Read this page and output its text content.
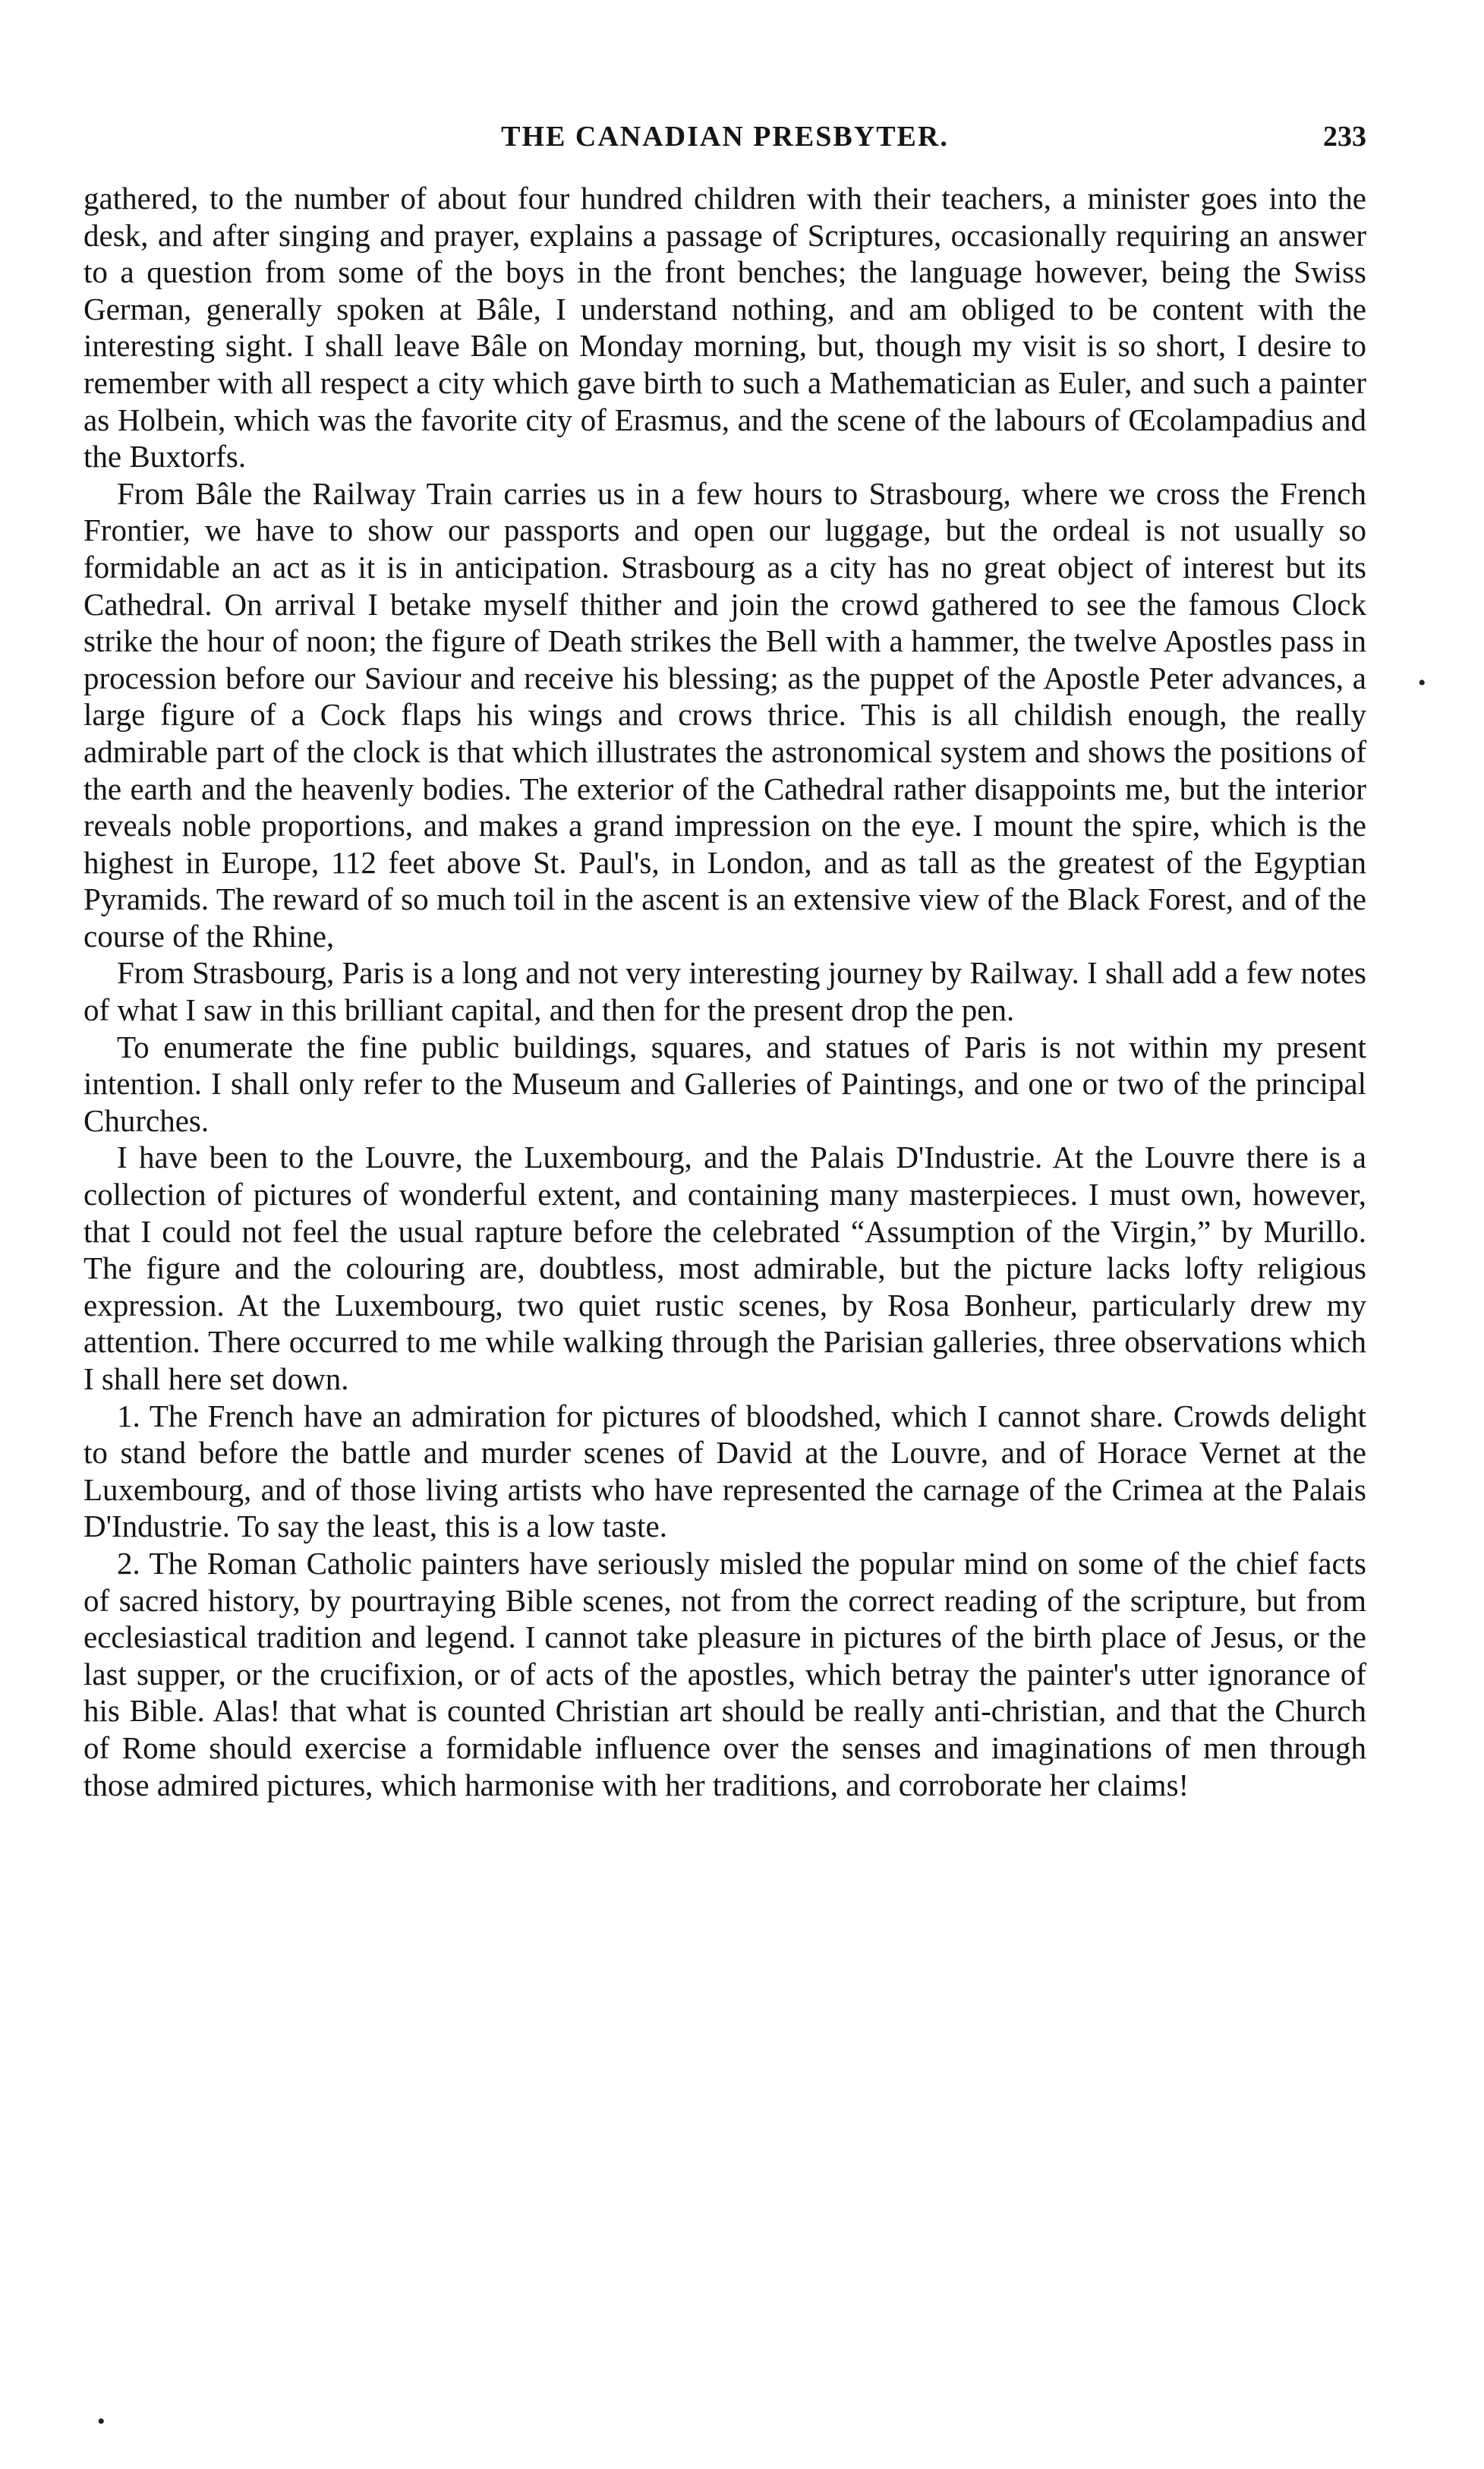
THE CANADIAN PRESBYTER.	233

gathered, to the number of about four hundred children with their teachers, a minister goes into the desk, and after singing and prayer, explains a passage of Scriptures, occasionally requiring an answer to a question from some of the boys in the front benches; the language however, being the Swiss German, generally spoken at Bâle, I understand nothing, and am obliged to be content with the interesting sight. I shall leave Bâle on Monday morning, but, though my visit is so short, I desire to remember with all respect a city which gave birth to such a Mathematician as Euler, and such a painter as Holbein, which was the favorite city of Erasmus, and the scene of the labours of Œcolampadius and the Buxtorfs.

From Bâle the Railway Train carries us in a few hours to Strasbourg, where we cross the French Frontier, we have to show our passports and open our luggage, but the ordeal is not usually so formidable an act as it is in anticipation. Strasbourg as a city has no great object of interest but its Cathedral. On arrival I betake myself thither and join the crowd gathered to see the famous Clock strike the hour of noon; the figure of Death strikes the Bell with a hammer, the twelve Apostles pass in procession before our Saviour and receive his blessing; as the puppet of the Apostle Peter advances, a large figure of a Cock flaps his wings and crows thrice. This is all childish enough, the really admirable part of the clock is that which illustrates the astronomical system and shows the positions of the earth and the heavenly bodies. The exterior of the Cathedral rather disappoints me, but the interior reveals noble proportions, and makes a grand impression on the eye. I mount the spire, which is the highest in Europe, 112 feet above St. Paul's, in London, and as tall as the greatest of the Egyptian Pyramids. The reward of so much toil in the ascent is an extensive view of the Black Forest, and of the course of the Rhine,

From Strasbourg, Paris is a long and not very interesting journey by Railway. I shall add a few notes of what I saw in this brilliant capital, and then for the present drop the pen.

To enumerate the fine public buildings, squares, and statues of Paris is not within my present intention. I shall only refer to the Museum and Galleries of Paintings, and one or two of the principal Churches.

I have been to the Louvre, the Luxembourg, and the Palais D'Industrie. At the Louvre there is a collection of pictures of wonderful extent, and containing many masterpieces. I must own, however, that I could not feel the usual rapture before the celebrated “Assumption of the Virgin,” by Murillo. The figure and the colouring are, doubtless, most admirable, but the picture lacks lofty religious expression. At the Luxembourg, two quiet rustic scenes, by Rosa Bonheur, particularly drew my attention. There occurred to me while walking through the Parisian galleries, three observations which I shall here set down.

1. The French have an admiration for pictures of bloodshed, which I cannot share. Crowds delight to stand before the battle and murder scenes of David at the Louvre, and of Horace Vernet at the Luxembourg, and of those living artists who have represented the carnage of the Crimea at the Palais D'Industrie. To say the least, this is a low taste.

2. The Roman Catholic painters have seriously misled the popular mind on some of the chief facts of sacred history, by pourtraying Bible scenes, not from the correct reading of the scripture, but from ecclesiastical tradition and legend. I cannot take pleasure in pictures of the birth place of Jesus, or the last supper, or the crucifixion, or of acts of the apostles, which betray the painter's utter ignorance of his Bible. Alas! that what is counted Christian art should be really anti-christian, and that the Church of Rome should exercise a formidable influence over the senses and imaginations of men through those admired pictures, which harmonise with her traditions, and corroborate her claims!

•
•
